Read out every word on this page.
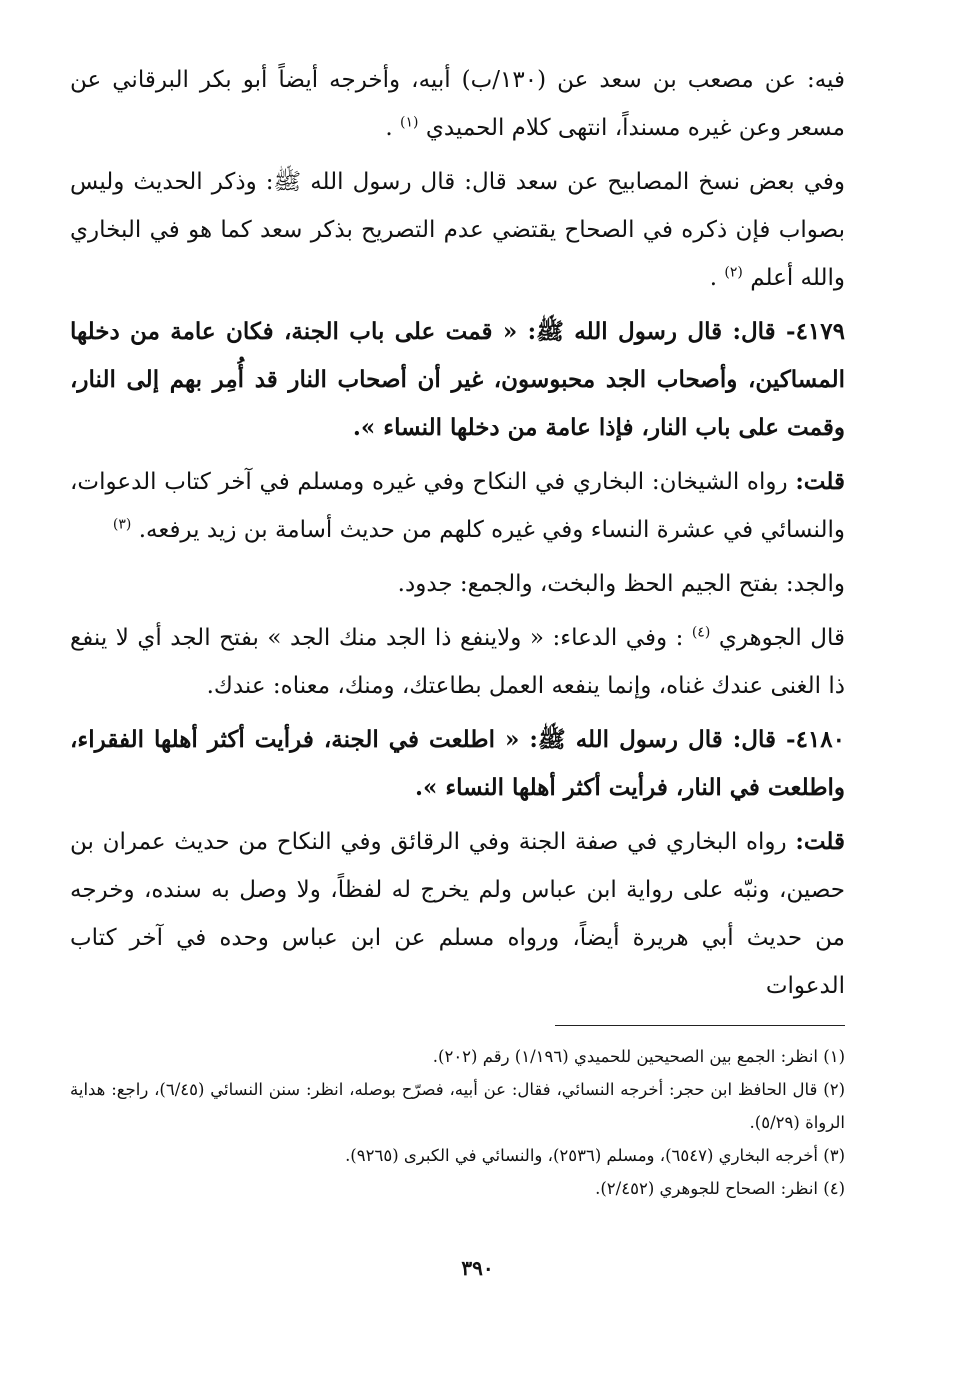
فيه: عن مصعب بن سعد عن (١٣٠/ب) أبيه، وأخرجه أيضاً أبو بكر البرقاني عن مسعر وعن غيره مسنداً، انتهى كلام الحميدي $^{(١)}$ .

وفي بعض نسخ المصابيح عن سعد قال: قال رسول الله ﷺ: وذكر الحديث وليس بصواب فإن ذكره في الصحاح يقتضي عدم التصريح بذكر سعد كما هو في البخاري والله أعلم $^{(٢)}$ .

٤١٧٩- قال: قال رسول الله ﷺ: « قمت على باب الجنة، فكان عامة من دخلها المساكين، وأصحاب الجد محبوسون، غير أن أصحاب النار قد أُمِر بهم إلى النار، وقمت على باب النار، فإذا عامة من دخلها النساء ».

قلت: رواه الشيخان: البخاري في النكاح وفي غيره ومسلم في آخر كتاب الدعوات، والنسائي في عشرة النساء وفي غيره كلهم من حديث أسامة بن زيد يرفعه. $^{(٣)}$

والجد: بفتح الجيم الحظ والبخت، والجمع: جدود.

قال الجوهري $^{(٤)}$ : وفي الدعاء: « ولاينفع ذا الجد منك الجد » بفتح الجد أي لا ينفع ذا الغنى عندك غناه، وإنما ينفعه العمل بطاعتك، ومنك، معناه: عندك.

٤١٨٠- قال: قال رسول الله ﷺ: « اطلعت في الجنة، فرأيت أكثر أهلها الفقراء، واطلعت في النار، فرأيت أكثر أهلها النساء ».

قلت: رواه البخاري في صفة الجنة وفي الرقائق وفي النكاح من حديث عمران بن حصين، ونبّه على رواية ابن عباس ولم يخرج له لفظاً، ولا وصل به سنده، وخرجه من حديث أبي هريرة أيضاً، ورواه مسلم عن ابن عباس وحده في آخر كتاب الدعوات

(١) انظر: الجمع بين الصحيحين للحميدي (١/١٩٦) رقم (٢٠٢).
(٢) قال الحافظ ابن حجر: أخرجه النسائي، فقال: عن أبيه، فصرّح بوصله، انظر: سنن النسائي (٦/٤٥)، راجع: هداية الرواة (٥/٢٩).
(٣) أخرجه البخاري (٦٥٤٧)، ومسلم (٢٥٣٦)، والنسائي في الكبرى (٩٢٦٥).
(٤) انظر: الصحاح للجوهري (٢/٤٥٢).
٣٩٠
